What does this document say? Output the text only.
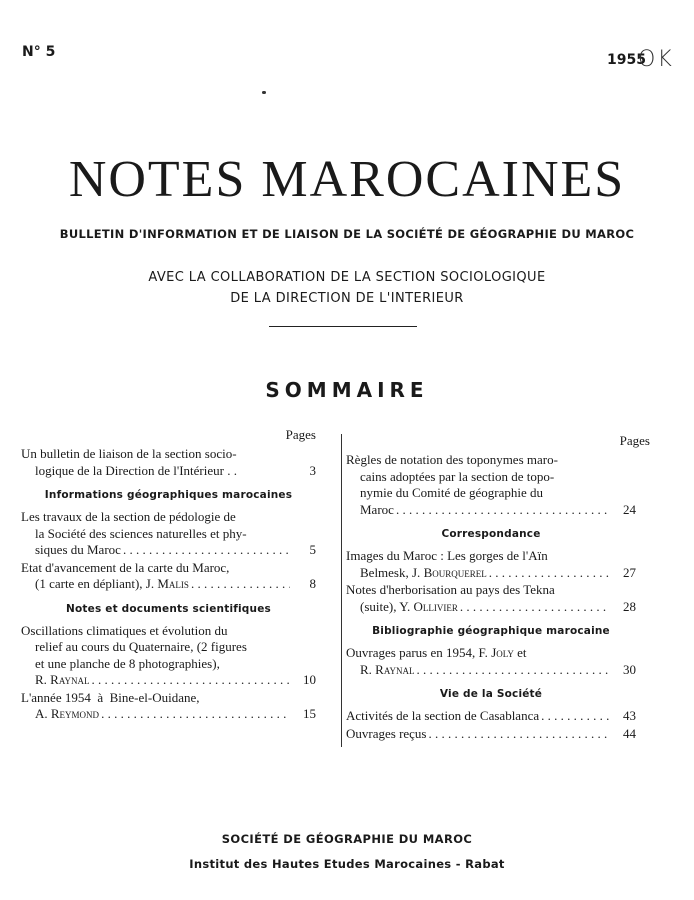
N° 5	1955
OK
NOTES MAROCAINES
BULLETIN D'INFORMATION ET DE LIAISON DE LA SOCIÉTÉ DE GÉOGRAPHIE DU MAROC
AVEC LA COLLABORATION DE LA SECTION SOCIOLOGIQUE
DE LA DIRECTION DE L'INTERIEUR
SOMMAIRE
Pages
Un bulletin de liaison de la section socio-
logique de la Direction de l'Intérieur . .	3
Informations géographiques marocaines
Les travaux de la section de pédologie de
la Société des sciences naturelles et phy-
siques du Maroc . . .	5
Etat d'avancement de la carte du Maroc,
(1 carte en dépliant), J.
Malis . . .	8
Notes et documents scientifiques
Oscillations climatiques et évolution du
relief au cours du Quaternaire, (2 figures
et une planche de 8 photographies),
R.
Raynal . . .	10
L'année 1954  à  Bine-el-Ouidane,
A.
Reymond . . .	15
Pages
Règles de notation des toponymes maro-
cains adoptées par la section de topo-
nymie du Comité de géographie du
Maroc . . .	24
Correspondance
Images du Maroc : Les gorges de l'Aïn
Belmesk, J.
Bourquerel . . .	27
Notes d'herborisation au pays des Tekna
(suite), Y.
Ollivier . . .	28
Bibliographie géographique marocaine
Ouvrages parus en 1954, F.
Joly
et
R.
Raynal . . .	30
Vie de la Société
Activités de la section de Casablanca . . .	43
Ouvrages reçus . . .	44
SOCIÉTÉ DE GÉOGRAPHIE DU MAROC
Institut des Hautes Etudes Marocaines - Rabat
